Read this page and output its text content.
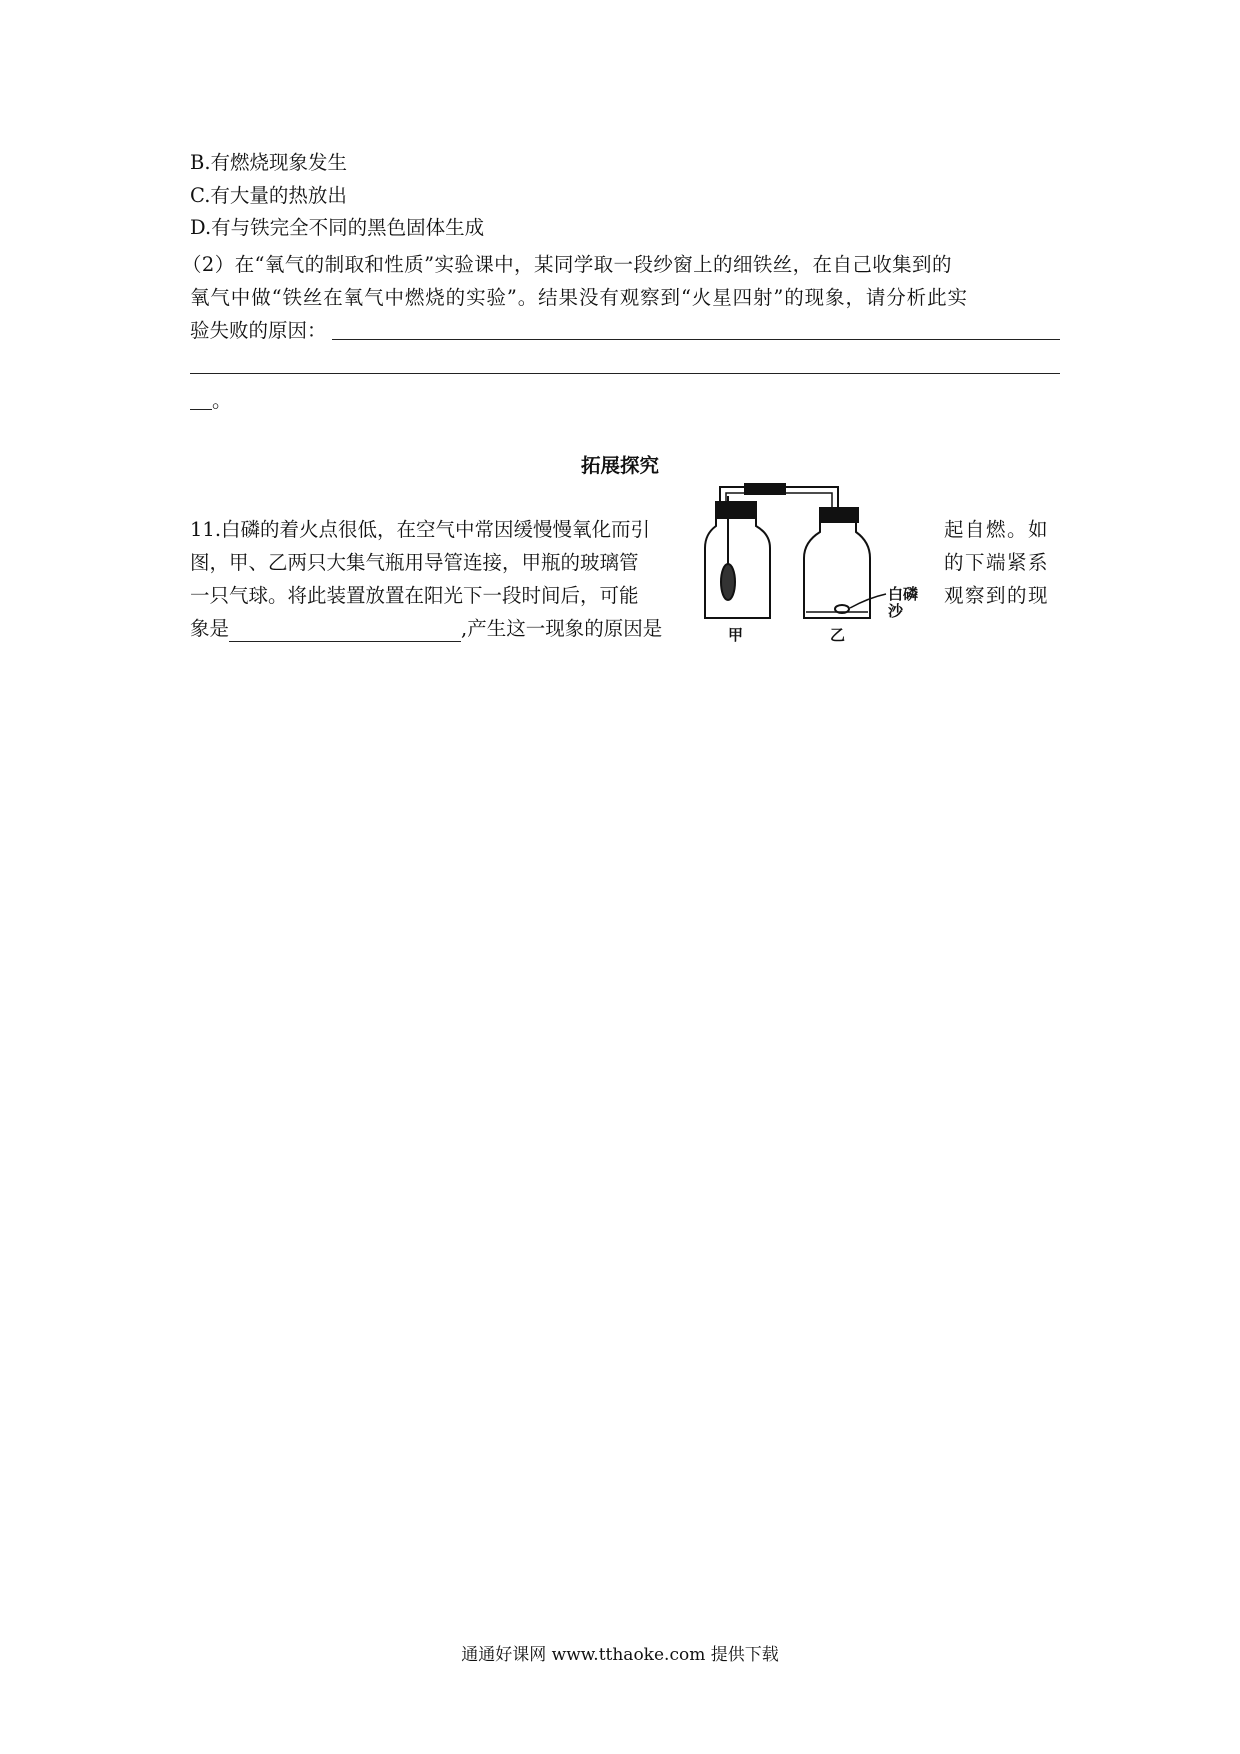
B.有燃烧现象发生
C.有大量的热放出
D.有与铁完全不同的黑色固体生成
（2）在“氧气的制取和性质”实验课中，某同学取一段纱窗上的细铁丝，在自己收集到的
氧气中做“铁丝在氧气中燃烧的实验”。结果没有观察到“火星四射”的现象，请分析此实
验失败的原因：
。
拓展探究
11.白磷的着火点很低，在空气中常因缓慢慢氧化而引	起自燃。如
图，甲、乙两只大集气瓶用导管连接，甲瓶的玻璃管	的下端紧系
一只气球。将此装置放置在阳光下一段时间后，可能	观察到的现
象是	,产生这一现象的原因是
白磷
沙
甲	乙
通通好课网 www.tthaoke.com 提供下载
